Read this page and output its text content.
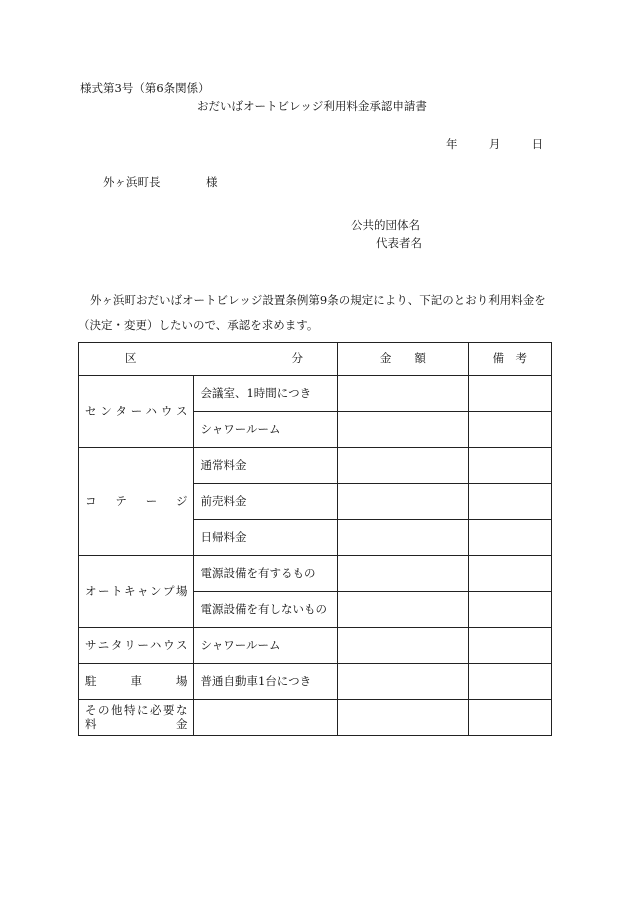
様式第3号（第6条関係）
おだいばオートビレッジ利用料金承認申請書
年	月	日
外ヶ浜町長	様
公共的団体名
代表者名
外ヶ浜町おだいばオートビレッジ設置条例第9条の規定により、下記のとおり利用料金を
（決定・変更）したいので、承認を求めます。
区 分		金　　額	備　考
センターハウス	会議室、1時間につき		
	シャワールーム		
コテージ	通常料金		
	前売料金		
	日帰料金		
オートキャンプ場	電源設備を有するもの		
	電源設備を有しないもの		
サニタリーハウス	シャワールーム		
駐車場	普通自動車1台につき		

その他特に必要な
料金			
